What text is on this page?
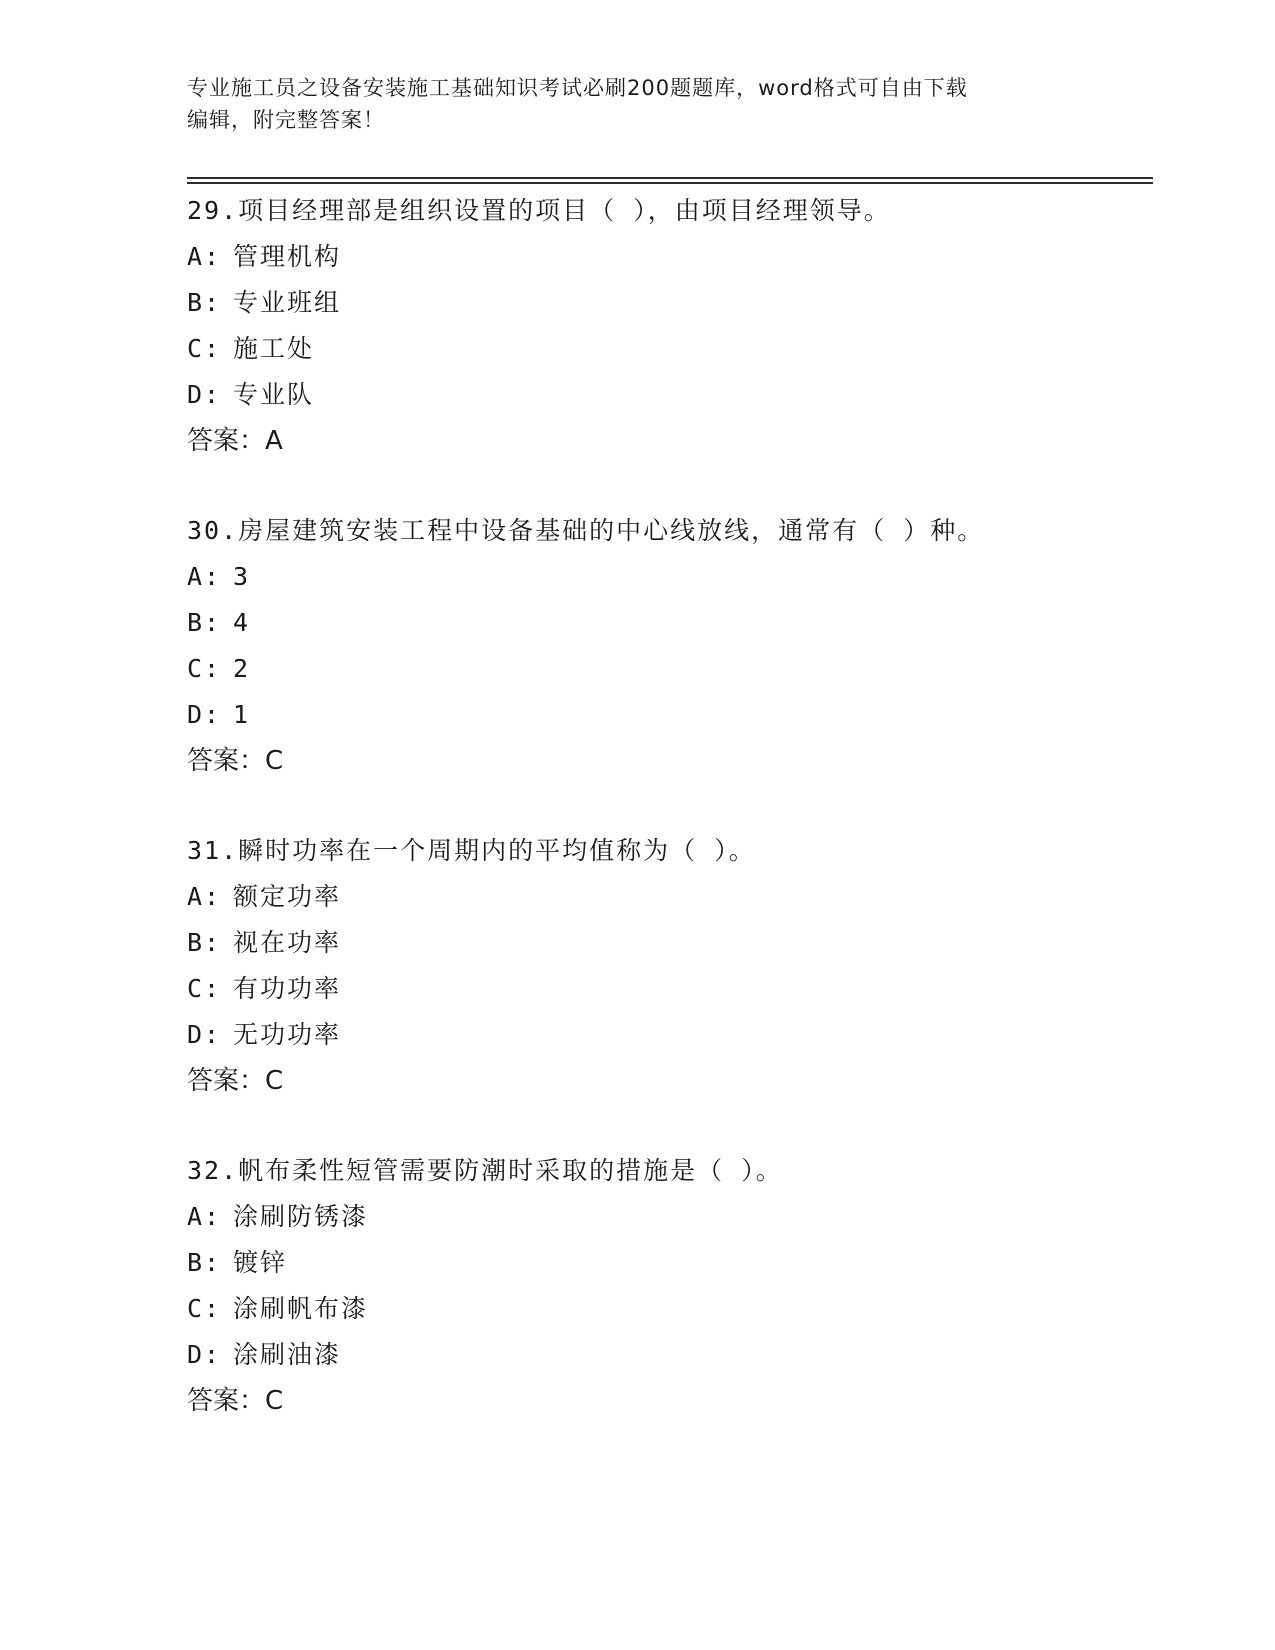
专业施工员之设备安装施工基础知识考试必刷200题题库，word格式可自由下载
编辑，附完整答案！
29.项目经理部是组织设置的项目（ ），由项目经理领导。
A: 管理机构
B: 专业班组
C: 施工处
D: 专业队
答案：A
30.房屋建筑安装工程中设备基础的中心线放线，通常有（ ）种。
A: 3
B: 4
C: 2
D: 1
答案：C
31.瞬时功率在一个周期内的平均值称为（ ）。
A: 额定功率
B: 视在功率
C: 有功功率
D: 无功功率
答案：C
32.帆布柔性短管需要防潮时采取的措施是（ ）。
A: 涂刷防锈漆
B: 镀锌
C: 涂刷帆布漆
D: 涂刷油漆
答案：C
